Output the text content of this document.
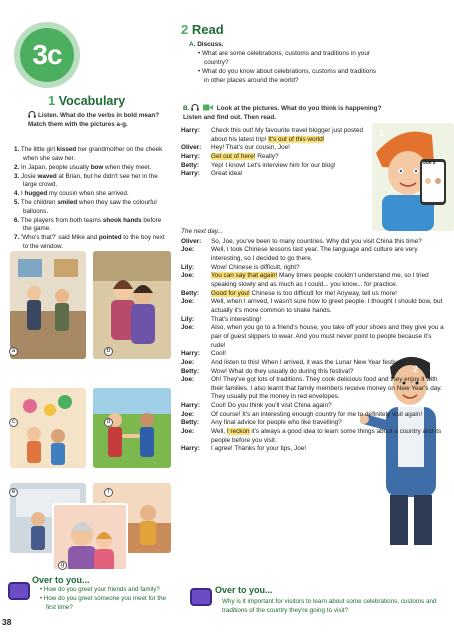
3c
1 Vocabulary
Listen. What do the verbs in bold mean? Match them with the pictures a-g.
1. The little girl kissed her grandmother on the cheek when she saw her.
2. In Japan, people usually bow when they meet.
3. Josie waved at Brian, but he didn't see her in the large crowd.
4. I hugged my cousin when she arrived.
5. The children smiled when they saw the colourful balloons.
6. The players from both teams shook hands before the game.
7. 'Who's that?' said Mike and pointed to the boy next to the window.
a	b
c	d
e	f
g
Over to you...
• How do you greet your friends and family?
• How do you greet someone you meet for the first time?
38
2 Read
A. Discuss.
• What are some celebrations, customs and traditions in your country?
• What do you know about celebrations, customs and traditions in other places around the world?
B.	Look at the pictures. What do you think is happening? Listen and find out. Then read.
Joe's
1
2
Harry:	Check this out! My favourite travel blogger just posted about his latest trip! It's out of this world!
Oliver:	Hey! That's our cousin, Joe!
Harry:	Get out of here! Really?
Betty:	Yep! I know! Let's interview him for our blog!
Harry:	Great idea!
The next day...
Oliver:	So, Joe, you've been to many countries. Why did you visit China this time?
Joe:	Well, I took Chinese lessons last year. The language and culture are very interesting, so I decided to go there.
Lily:	Wow! Chinese is difficult, right?
Joe:	You can say that again! Many times people couldn't understand me, so I tried speaking slowly and as much as I could... you know... for practice.
Betty:	Good for you! Chinese is too difficult for me! Anyway, tell us more!
Joe:	Well, when I arrived, I wasn't sure how to greet people. I thought I should bow, but actually it's more common to shake hands.
Lily:	That's interesting!
Joe:	Also, when you go to a friend's house, you take off your shoes and they give you a pair of guest slippers to wear. And you must never point to people because it's rude!
Harry:	Cool!
Joe:	And listen to this! When I arrived, it was the Lunar New Year festival.
Betty:	Wow! What do they usually do during this festival?
Joe:	Oh! They've got lots of traditions. They cook delicious food and they enjoy it with their families. I also learnt that family members receive money on New Year's day. They usually put the money in red envelopes.
Harry:	Cool! Do you think you'll visit China again?
Joe:	Of course! It's an interesting enough country for me to definitely visit again!
Betty:	Any final advice for people who like travelling?
Joe:	Well, I reckon it's always a good idea to learn some things about a country and its people before you visit.
Harry:	I agree! Thanks for your tips, Joe!
Over to you...
Why is it important for visitors to learn about some celebrations, customs and traditions of the country they're going to visit?
